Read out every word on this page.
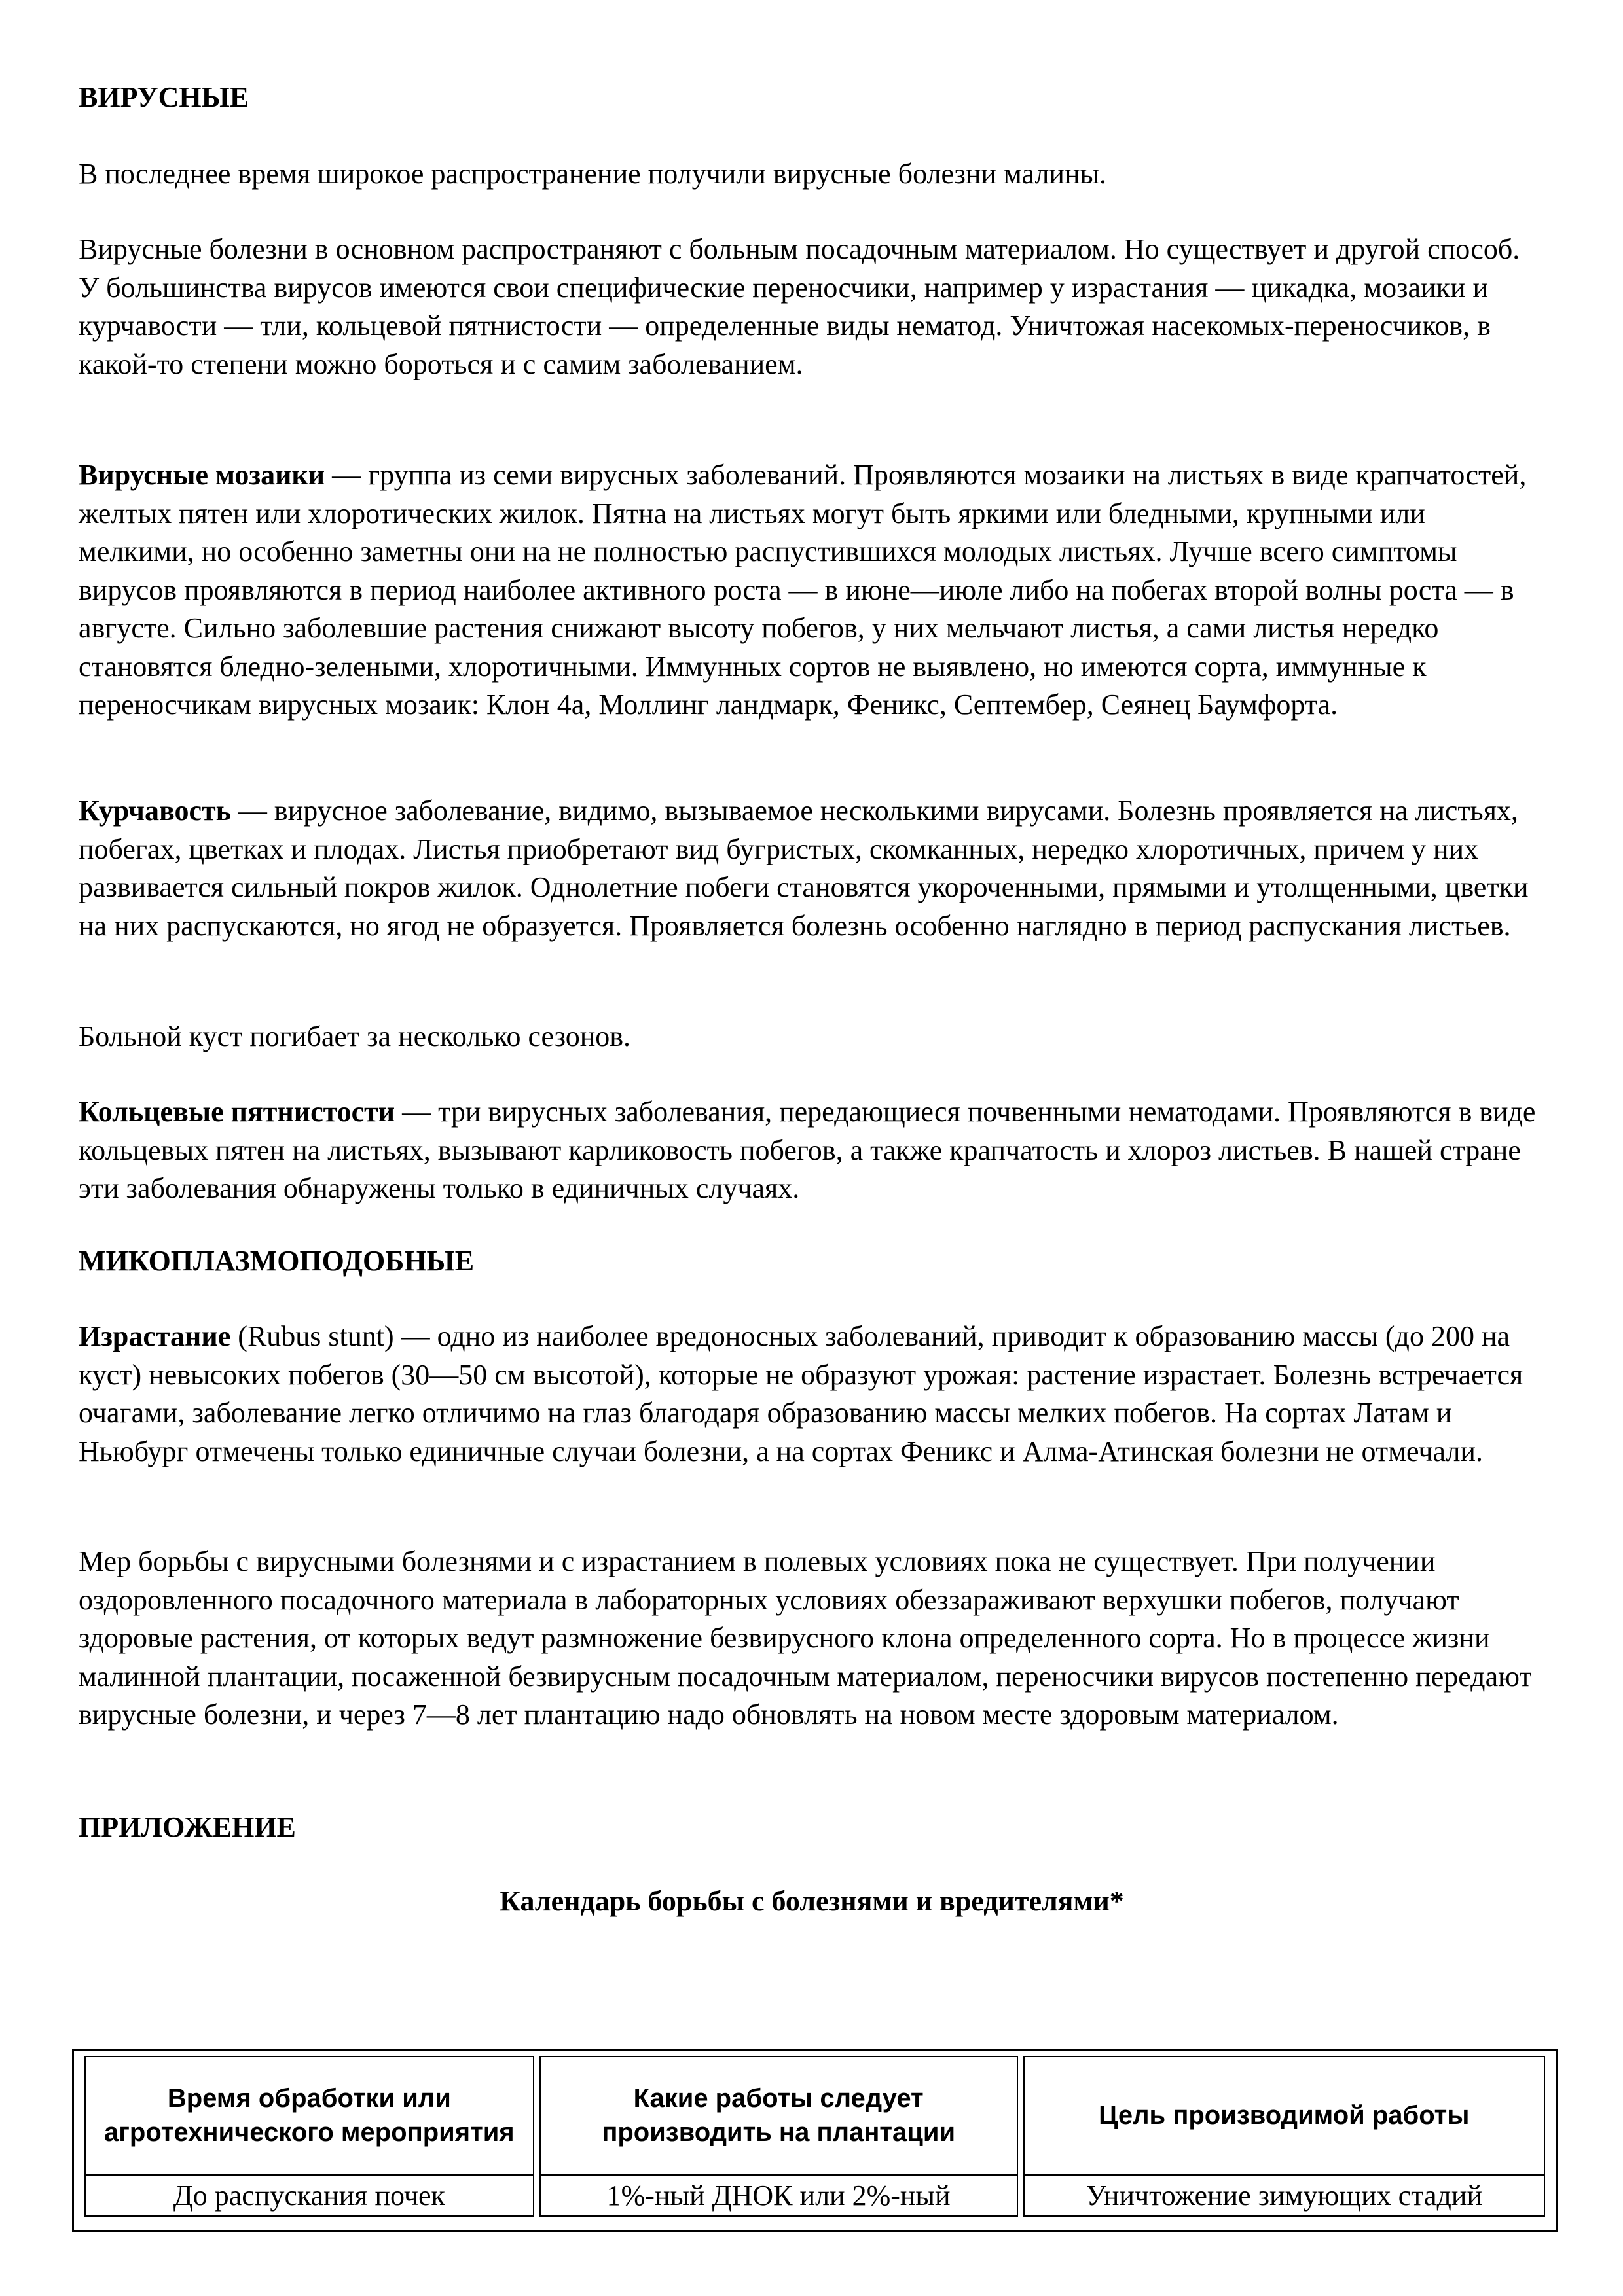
ВИРУСНЫЕ

В последнее время широкое распространение получили вирусные болезни малины.

Вирусные болезни в основном распространяют с больным посадочным материалом. Но существует и другой способ. У большинства вирусов имеются свои специфические переносчики, например у израстания — цикадка, мозаики и курчавости — тли, кольцевой пятнистости — определенные виды нематод. Уничтожая насекомых-переносчиков, в какой-то степени можно бороться и с самим заболеванием.

Вирусные мозаики — группа из семи вирусных заболеваний. Проявляются мозаики на листьях в виде крапчатостей, желтых пятен или хлоротических жилок. Пятна на листьях могут быть яркими или бледными, крупными или мелкими, но особенно заметны они на не полностью распустившихся молодых листьях. Лучше всего симптомы вирусов проявляются в период наиболее активного роста — в июне—июле либо на побегах второй волны роста — в августе. Сильно заболевшие растения снижают высоту побегов, у них мельчают листья, а сами листья нередко становятся бледно-зелеными, хлоротичными. Иммунных сортов не выявлено, но имеются сорта, иммунные к переносчикам вирусных мозаик: Клон 4а, Моллинг ландмарк, Феникс, Септембер, Сеянец Баумфорта.

Курчавость — вирусное заболевание, видимо, вызываемое несколькими вирусами. Болезнь проявляется на листьях, побегах, цветках и плодах. Листья приобретают вид бугристых, скомканных, нередко хлоротичных, причем у них развивается сильный покров жилок. Однолетние побеги становятся укороченными, прямыми и утолщенными, цветки на них распускаются, но ягод не образуется. Проявляется болезнь особенно наглядно в период распускания листьев.

Больной куст погибает за несколько сезонов.

Кольцевые пятнистости — три вирусных заболевания, передающиеся почвенными нематодами. Проявляются в виде кольцевых пятен на листьях, вызывают карликовость побегов, а также крапчатость и хлороз листьев. В нашей стране эти заболевания обнаружены только в единичных случаях.

МИКОПЛАЗМОПОДОБНЫЕ

Израстание (Rubus stunt) — одно из наиболее вредоносных заболеваний, приводит к образованию массы (до 200 на куст) невысоких побегов (30—50 см высотой), которые не образуют урожая: растение израстает. Болезнь встречается очагами, заболевание легко отличимо на глаз благодаря образованию массы мелких побегов. На сортах Латам и Ньюбург отмечены только единичные случаи болезни, а на сортах Феникс и Алма-Атинская болезни не отмечали.

Мер борьбы с вирусными болезнями и с израстанием в полевых условиях пока не существует. При получении оздоровленного посадочного материала в лабораторных условиях обеззараживают верхушки побегов, получают здоровые растения, от которых ведут размножение безвирусного клона определенного сорта. Но в процессе жизни малинной плантации, посаженной безвирусным посадочным материалом, переносчики вирусов постепенно передают вирусные болезни, и через 7—8 лет плантацию надо обновлять на новом месте здоровым материалом.

ПРИЛОЖЕНИЕ

Календарь борьбы с болезнями и вредителями*

Время обработки или агротехнического мероприятия	Какие работы следует производить на плантации	Цель производимой работы
До распускания почек	1%-ный ДНОК или 2%-ный	Уничтожение зимующих стадий
